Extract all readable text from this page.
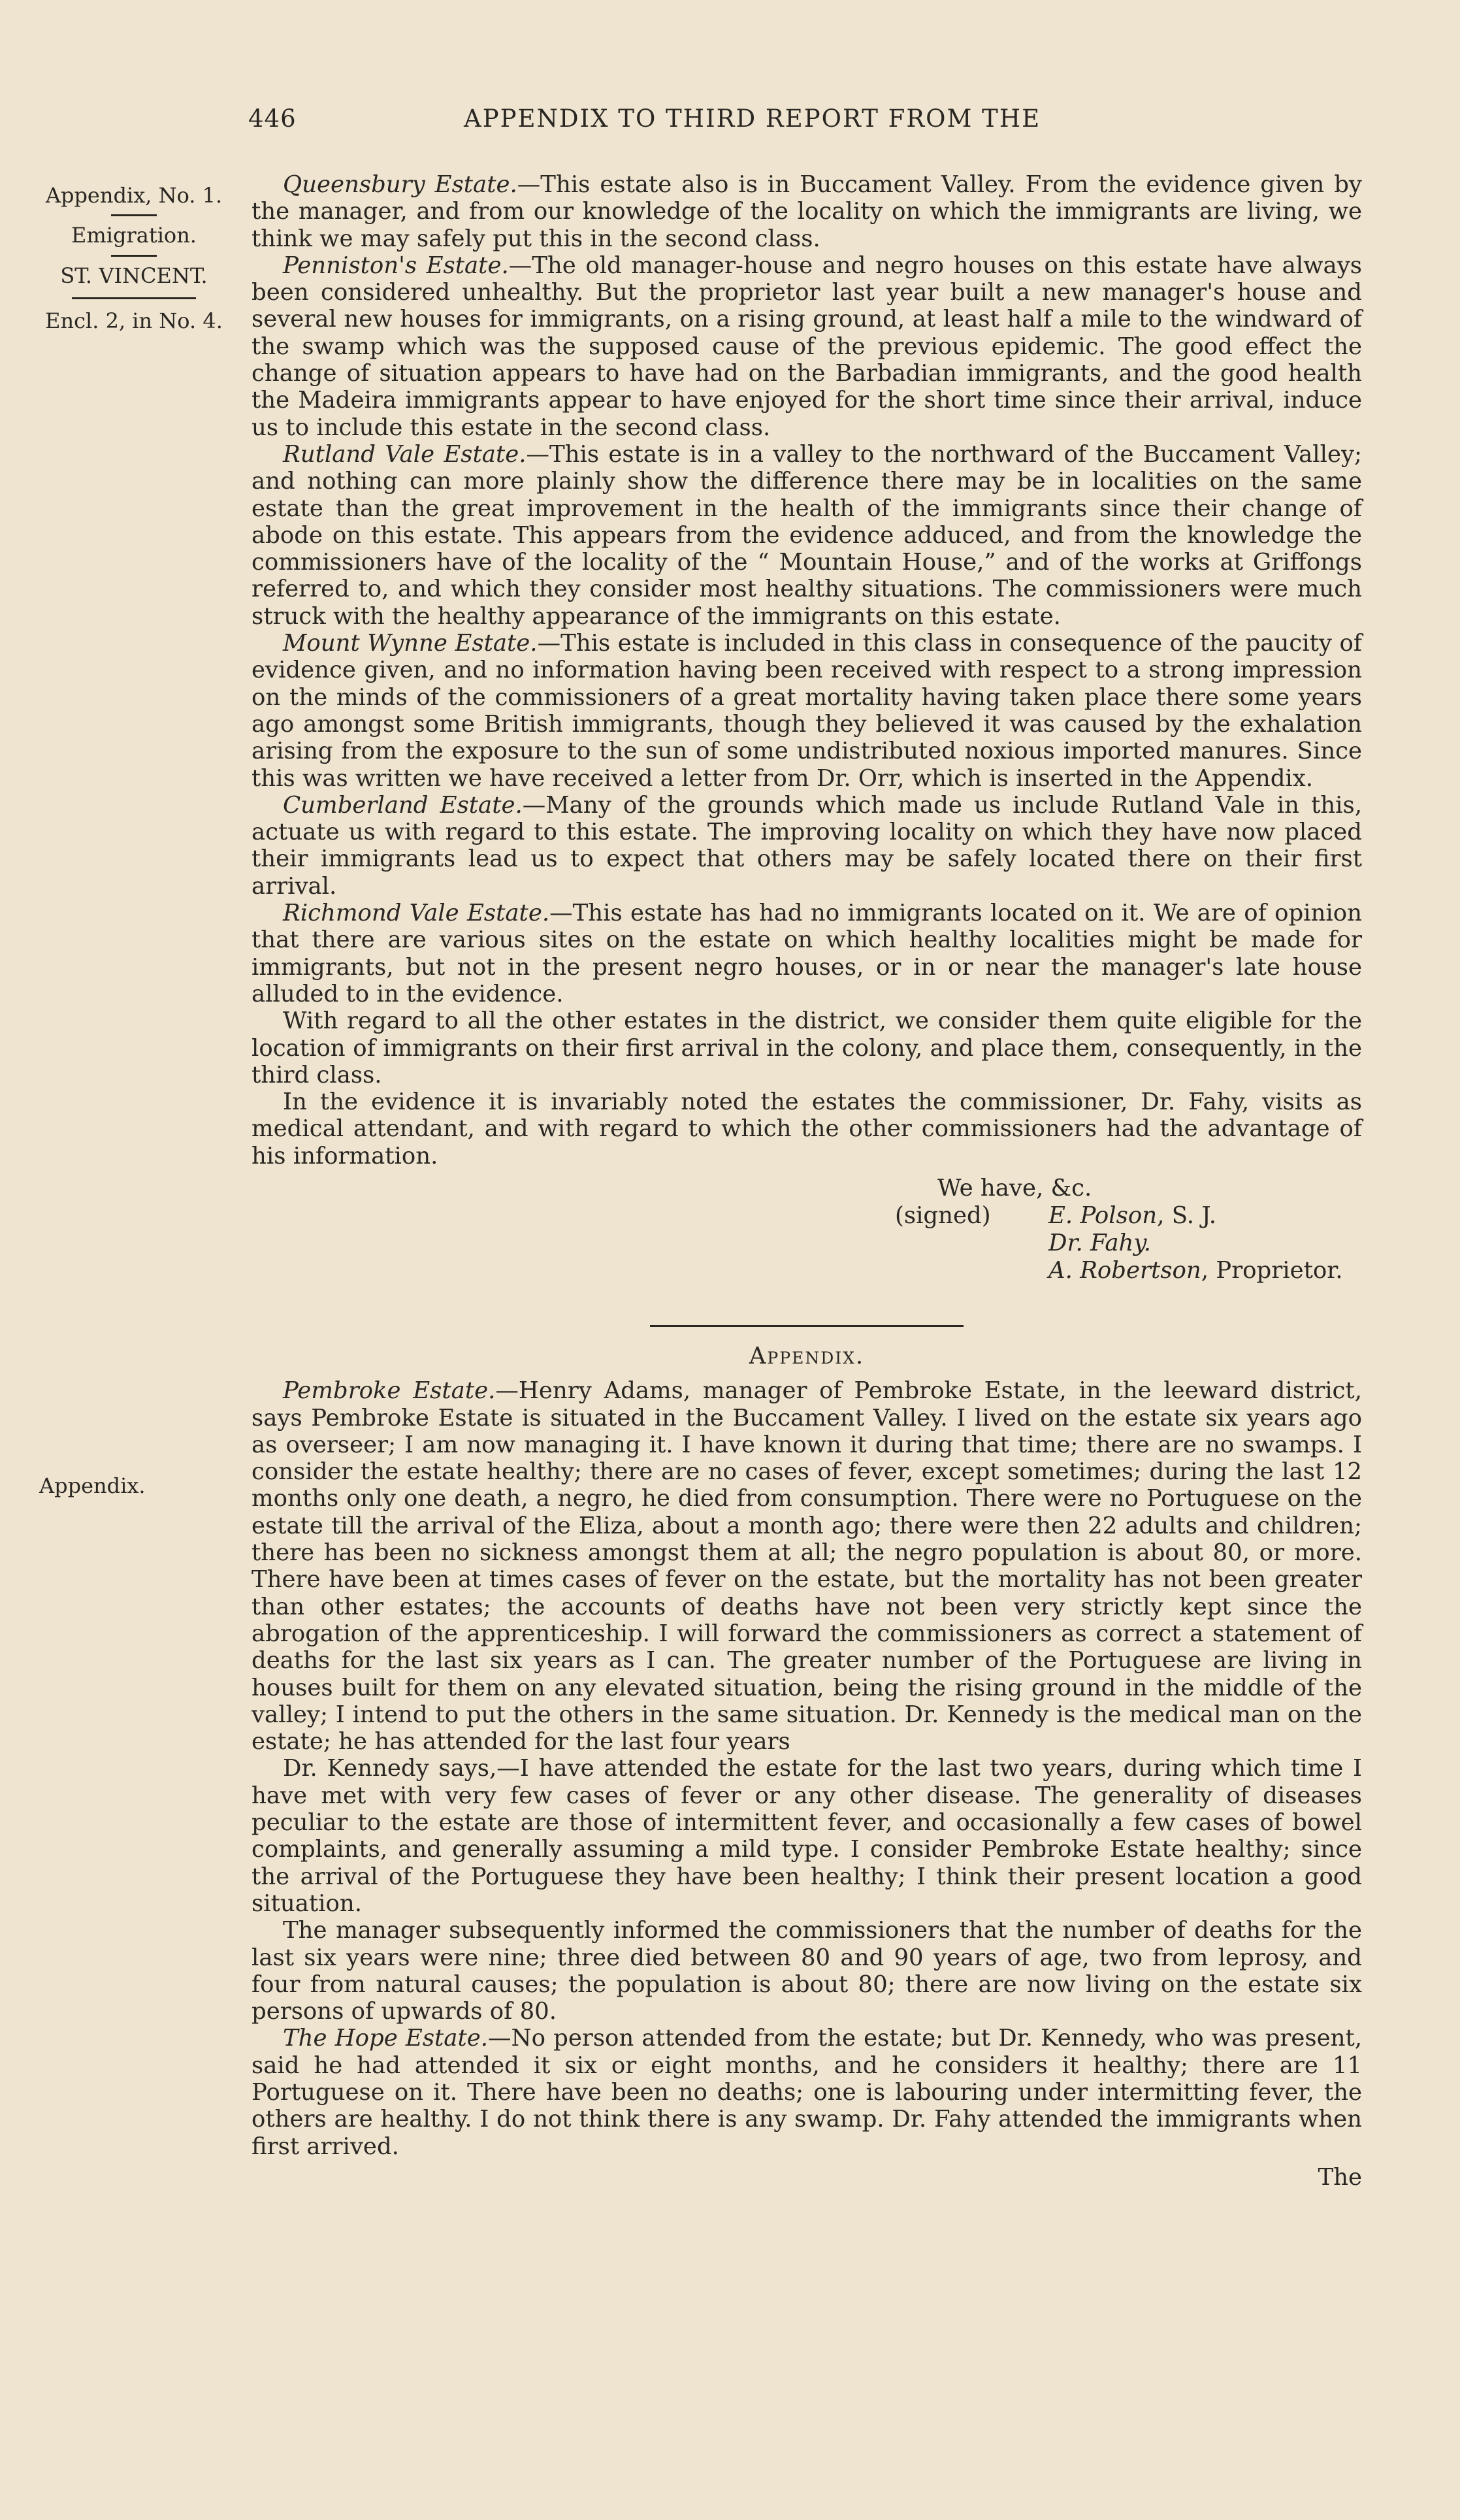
446	APPENDIX TO THIRD REPORT FROM THE
Appendix, No. 1.
Emigration.
ST. VINCENT.
Encl. 2, in No. 4.
Appendix.

Queensbury Estate.—This estate also is in Buccament Valley. From the evidence given by the manager, and from our knowledge of the locality on which the immigrants are living, we think we may safely put this in the second class.

Penniston's Estate.—The old manager-house and negro houses on this estate have always been considered unhealthy. But the proprietor last year built a new manager's house and several new houses for immigrants, on a rising ground, at least half a mile to the windward of the swamp which was the supposed cause of the previous epidemic. The good effect the change of situation appears to have had on the Barbadian immigrants, and the good health the Madeira immigrants appear to have enjoyed for the short time since their arrival, induce us to include this estate in the second class.

Rutland Vale Estate.—This estate is in a valley to the northward of the Buccament Valley; and nothing can more plainly show the difference there may be in localities on the same estate than the great improvement in the health of the immigrants since their change of abode on this estate. This appears from the evidence adduced, and from the knowledge the commissioners have of the locality of the “ Mountain House,” and of the works at Griffongs referred to, and which they consider most healthy situations. The commissioners were much struck with the healthy appearance of the immigrants on this estate.

Mount Wynne Estate.—This estate is included in this class in consequence of the paucity of evidence given, and no information having been received with respect to a strong impression on the minds of the commissioners of a great mortality having taken place there some years ago amongst some British immigrants, though they believed it was caused by the exhalation arising from the exposure to the sun of some undistributed noxious imported manures. Since this was written we have received a letter from Dr. Orr, which is inserted in the Appendix.

Cumberland Estate.—Many of the grounds which made us include Rutland Vale in this, actuate us with regard to this estate. The improving locality on which they have now placed their immigrants lead us to expect that others may be safely located there on their first arrival.

Richmond Vale Estate.—This estate has had no immigrants located on it. We are of opinion that there are various sites on the estate on which healthy localities might be made for immigrants, but not in the present negro houses, or in or near the manager's late house alluded to in the evidence.

With regard to all the other estates in the district, we consider them quite eligible for the location of immigrants on their first arrival in the colony, and place them, consequently, in the third class.

In the evidence it is invariably noted the estates the commissioner, Dr. Fahy, visits as medical attendant, and with regard to which the other commissioners had the advantage of his information.

We have, &c.
(signed) E. Polson, S. J.
Dr. Fahy.
A. Robertson, Proprietor.
Appendix.

Pembroke Estate.—Henry Adams, manager of Pembroke Estate, in the leeward district, says Pembroke Estate is situated in the Buccament Valley. I lived on the estate six years ago as overseer; I am now managing it. I have known it during that time; there are no swamps. I consider the estate healthy; there are no cases of fever, except sometimes; during the last 12 months only one death, a negro, he died from consumption. There were no Portuguese on the estate till the arrival of the Eliza, about a month ago; there were then 22 adults and children; there has been no sickness amongst them at all; the negro population is about 80, or more. There have been at times cases of fever on the estate, but the mortality has not been greater than other estates; the accounts of deaths have not been very strictly kept since the abrogation of the apprenticeship. I will forward the commissioners as correct a statement of deaths for the last six years as I can. The greater number of the Portuguese are living in houses built for them on any elevated situation, being the rising ground in the middle of the valley; I intend to put the others in the same situation. Dr. Kennedy is the medical man on the estate; he has attended for the last four years

Dr. Kennedy says,—I have attended the estate for the last two years, during which time I have met with very few cases of fever or any other disease. The generality of diseases peculiar to the estate are those of intermittent fever, and occasionally a few cases of bowel complaints, and generally assuming a mild type. I consider Pembroke Estate healthy; since the arrival of the Portuguese they have been healthy; I think their present location a good situation.

The manager subsequently informed the commissioners that the number of deaths for the last six years were nine; three died between 80 and 90 years of age, two from leprosy, and four from natural causes; the population is about 80; there are now living on the estate six persons of upwards of 80.

The Hope Estate.—No person attended from the estate; but Dr. Kennedy, who was present, said he had attended it six or eight months, and he considers it healthy; there are 11 Portuguese on it. There have been no deaths; one is labouring under intermitting fever, the others are healthy. I do not think there is any swamp. Dr. Fahy attended the immigrants when first arrived.

The
